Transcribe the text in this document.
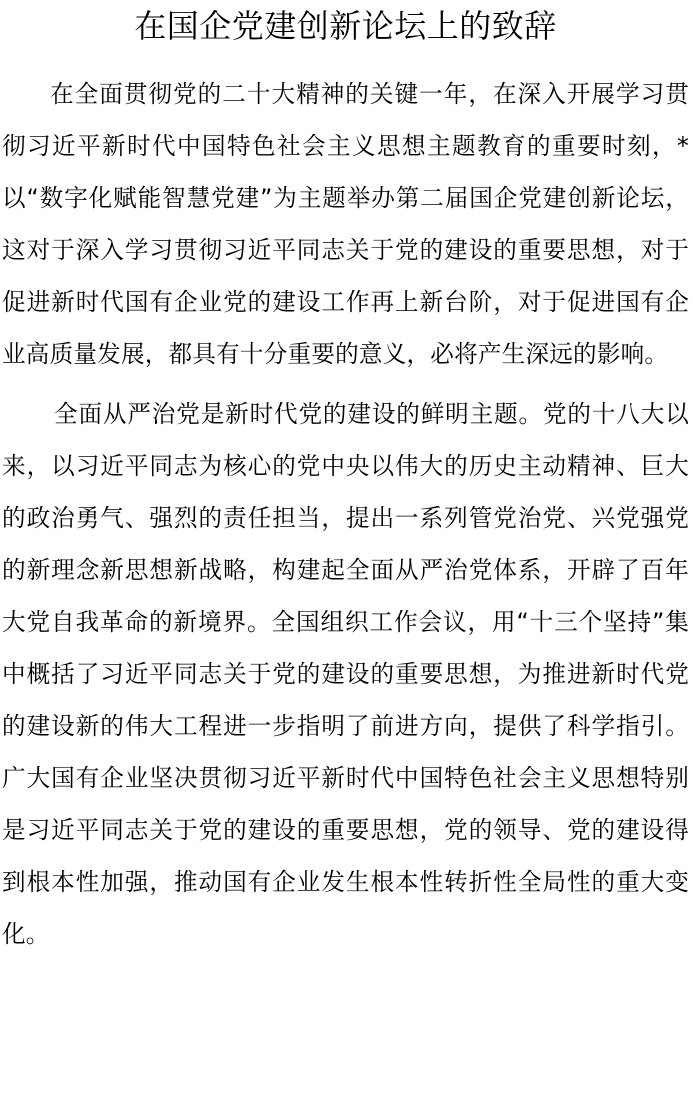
在国企党建创新论坛上的致辞

在全面贯彻党的二十大精神的关键一年，在深入开展学习贯彻习近平新时代中国特色社会主义思想主题教育的重要时刻，*以“数字化赋能智慧党建”为主题举办第二届国企党建创新论坛，这对于深入学习贯彻习近平同志关于党的建设的重要思想，对于促进新时代国有企业党的建设工作再上新台阶，对于促进国有企业高质量发展，都具有十分重要的意义，必将产生深远的影响。

全面从严治党是新时代党的建设的鲜明主题。党的十八大以来，以习近平同志为核心的党中央以伟大的历史主动精神、巨大的政治勇气、强烈的责任担当，提出一系列管党治党、兴党强党的新理念新思想新战略，构建起全面从严治党体系，开辟了百年大党自我革命的新境界。全国组织工作会议，用“十三个坚持”集中概括了习近平同志关于党的建设的重要思想，为推进新时代党的建设新的伟大工程进一步指明了前进方向，提供了科学指引。广大国有企业坚决贯彻习近平新时代中国特色社会主义思想特别是习近平同志关于党的建设的重要思想，党的领导、党的建设得到根本性加强，推动国有企业发生根本性转折性全局性的重大变化。
